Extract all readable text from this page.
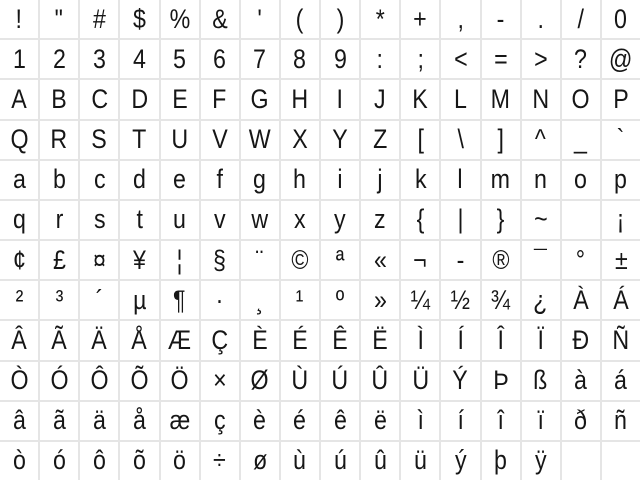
! " # $ % & ' ( ) * + , - . / 0
1 2 3 4 5 6 7 8 9 : ; < = > ? @
A B C D E F G H I J K L M N O P
Q R S T U V W X Y Z [ \ ] ^ _ `
a b c d e f g h i j k l m n o p
q r s t u v w x y z { | } ~	¡
¢ £ ¤ ¥ ¦ § ¨ © ª « ¬ - ® ¯ ° ±
² ³ ´ µ ¶ · ¸ ¹ º » ¼ ½ ¾ ¿ À Á
Â Ã Ä Å Æ Ç È É Ê Ë Ì Í Î Ï Ð Ñ
Ò Ó Ô Õ Ö × Ø Ù Ú Û Ü Ý Þ ß à á
â ã ä å æ ç è é ê ë ì í î ï ð ñ
ò ó ô õ ö ÷ ø ù ú û ü ý þ ÿ
